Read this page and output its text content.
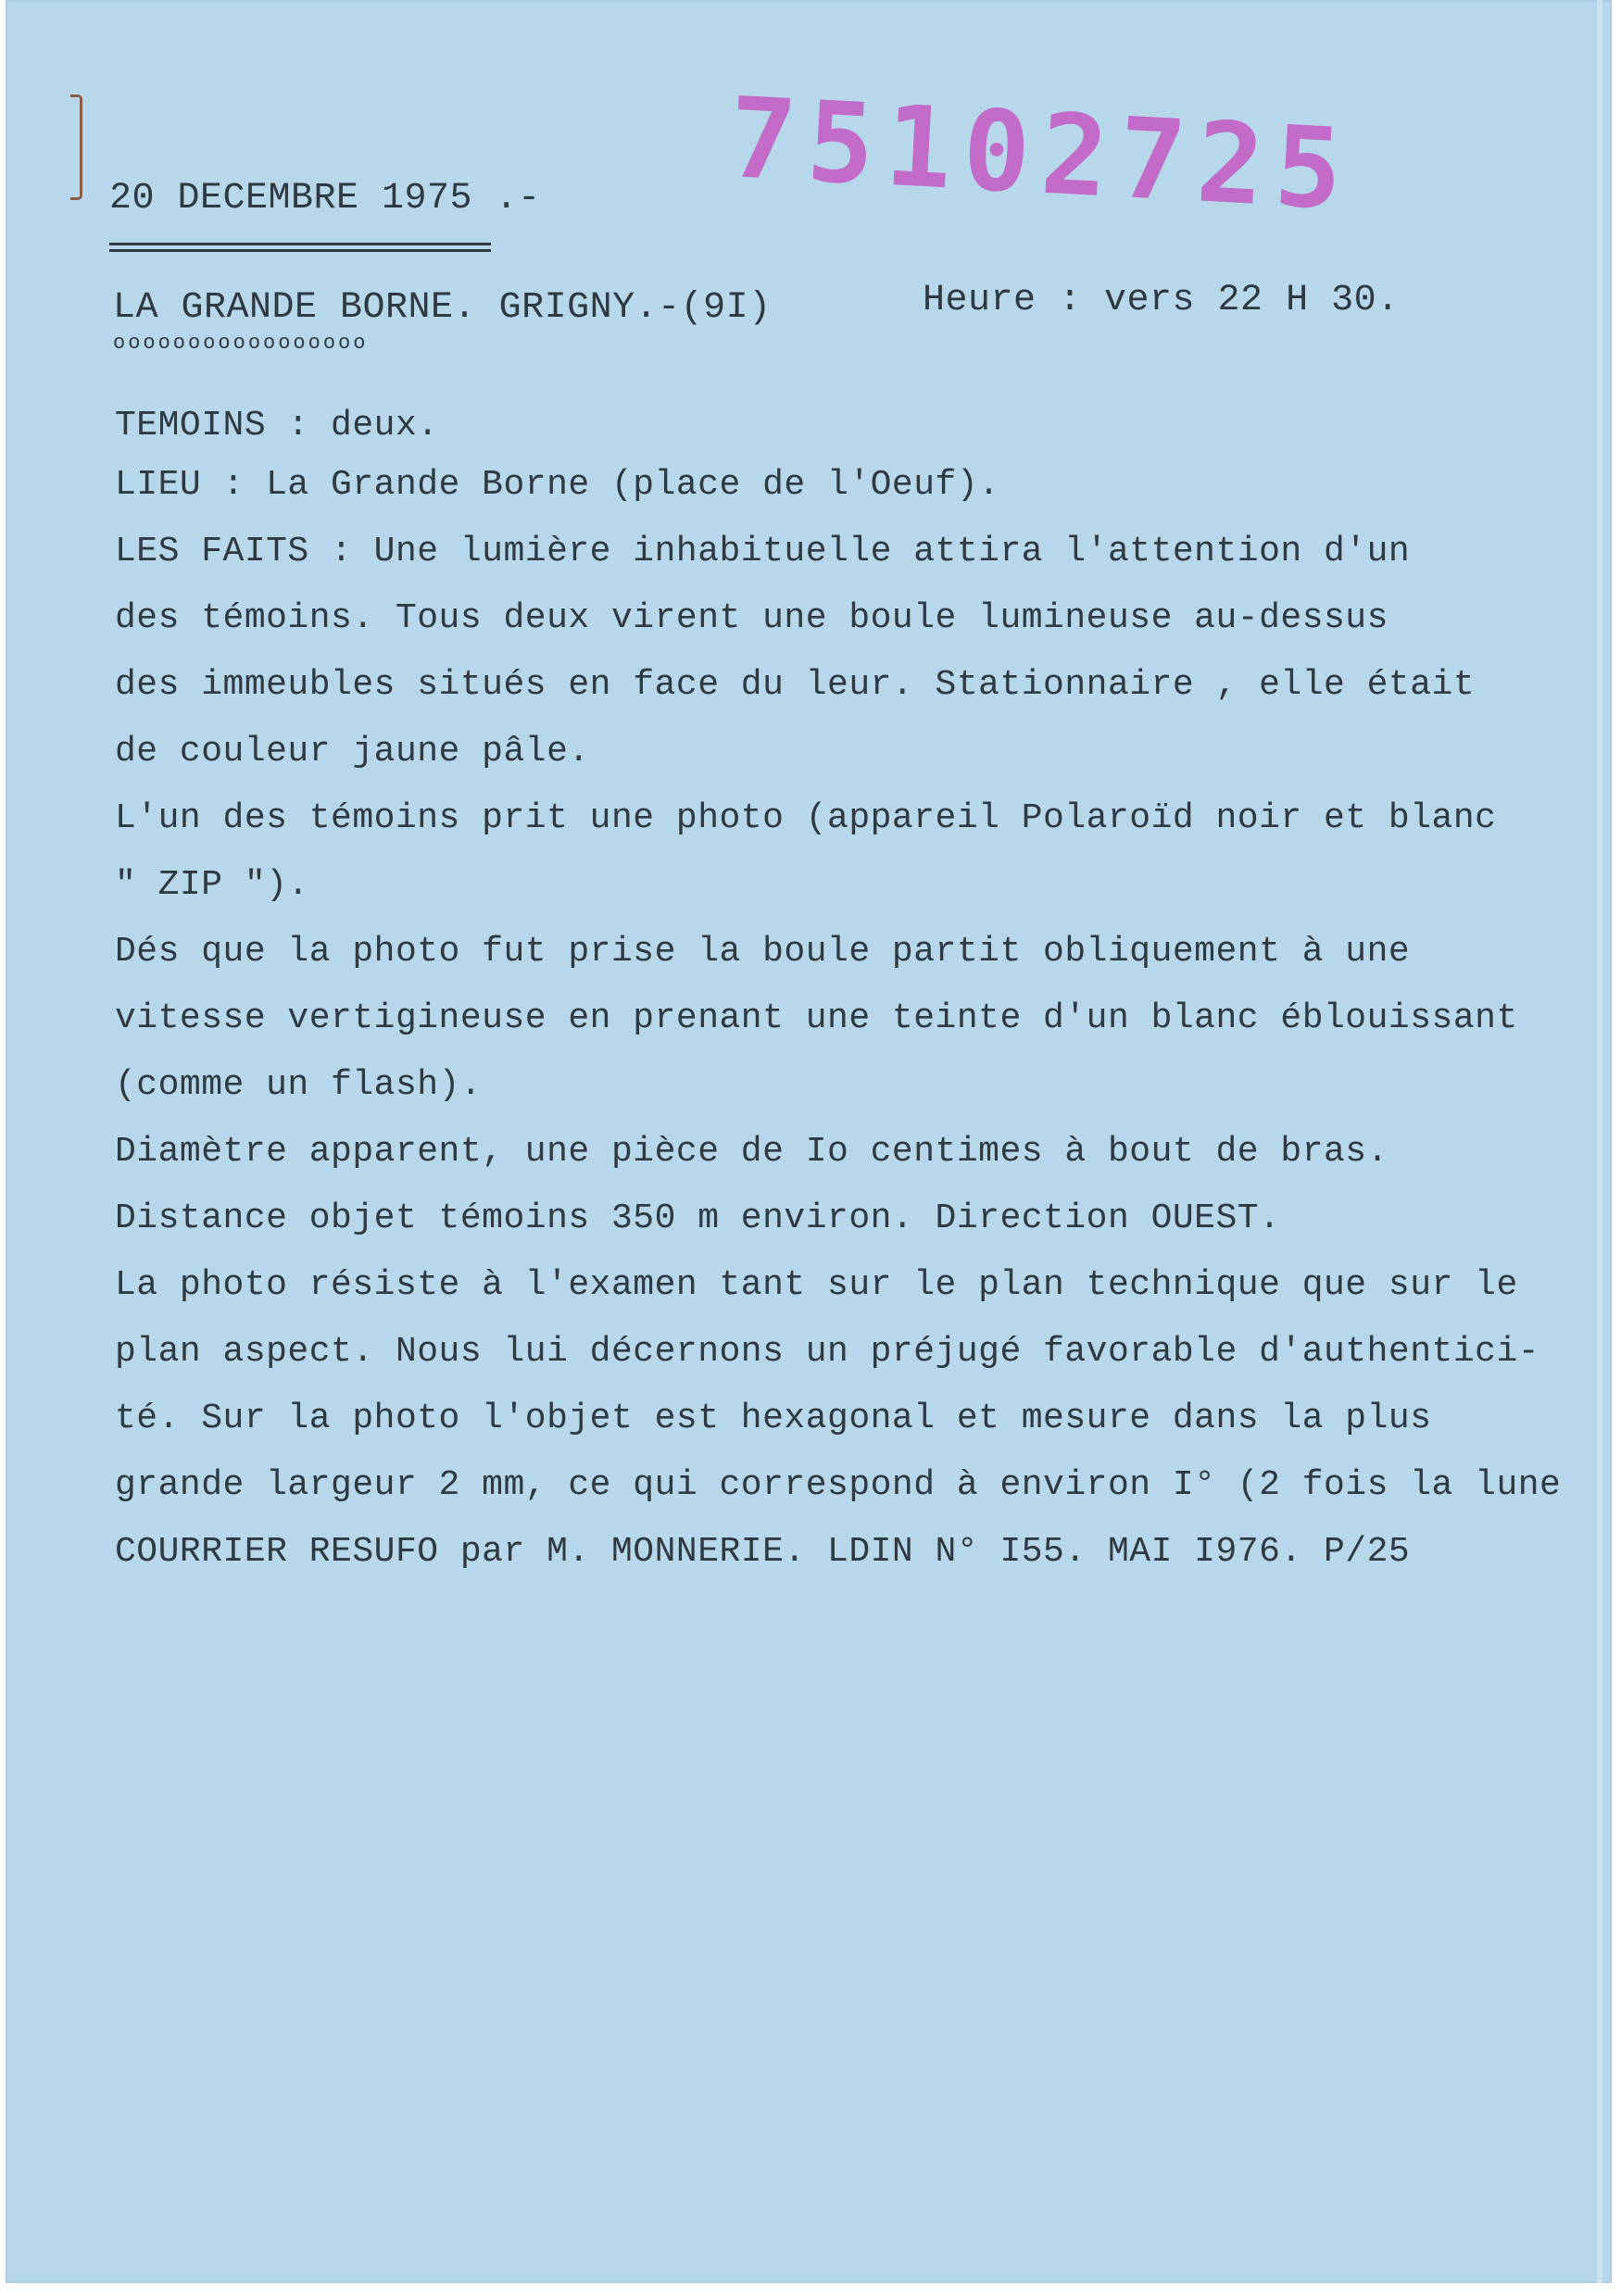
75102725
20 DECEMBRE 1975 .-
LA GRANDE BORNE. GRIGNY.-(9I)
ooooooooooooooooo
Heure : vers 22 H 30.
TEMOINS : deux.
LIEU : La Grande Borne (place de l'Oeuf).
LES FAITS : Une lumière inhabituelle attira l'attention d'un
des témoins. Tous deux virent une boule lumineuse au-dessus
des immeubles situés en face du leur. Stationnaire , elle était
de couleur jaune pâle.
L'un des témoins prit une photo (appareil Polaroïd noir et blanc
" ZIP ").
Dés que la photo fut prise la boule partit obliquement à une
vitesse vertigineuse en prenant une teinte d'un blanc éblouissant
(comme un flash).
Diamètre apparent, une pièce de Io centimes à bout de bras.
Distance objet témoins 350 m environ. Direction OUEST.
La photo résiste à l'examen tant sur le plan technique que sur le
plan aspect. Nous lui décernons un préjugé favorable d'authentici-
té. Sur la photo l'objet est hexagonal et mesure dans la plus
grande largeur 2 mm, ce qui correspond à environ I° (2 fois la lune
COURRIER RESUFO par M. MONNERIE. LDIN N° I55. MAI I976. P/25
